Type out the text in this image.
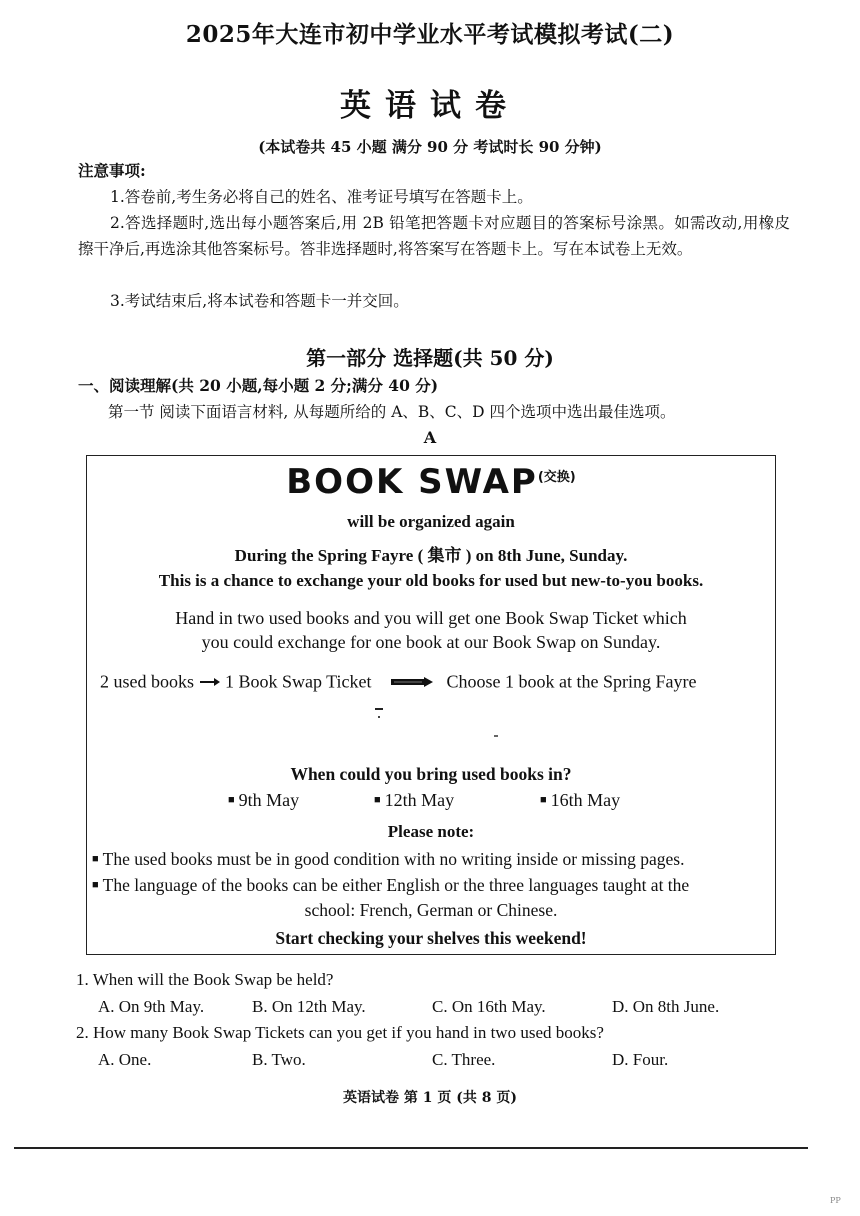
2025年大连市初中学业水平考试模拟考试(二)
英语试卷
(本试卷共 45 小题 满分 90 分 考试时长 90 分钟)
注意事项:
1.答卷前,考生务必将自己的姓名、准考证号填写在答题卡上。
2.答选择题时,选出每小题答案后,用 2B 铅笔把答题卡对应题目的答案标号涂黑。如需改动,用橡皮擦干净后,再选涂其他答案标号。答非选择题时,将答案写在答题卡上。写在本试卷上无效。
3.考试结束后,将本试卷和答题卡一并交回。
第一部分 选择题(共 50 分)
一、阅读理解(共 20 小题,每小题 2 分;满分 40 分)
第一节 阅读下面语言材料, 从每题所给的 A、B、C、D 四个选项中选出最佳选项。
A
BOOK $SWAP^{(交换)}$
will be organized again
During the Spring Fayre ( 集市 ) on 8th June, Sunday.
This is a chance to exchange your old books for used but new-to-you books.
Hand in two used books and you will get one Book Swap Ticket which
you could exchange for one book at our Book Swap on Sunday.
2 used books 1 Book Swap Ticket	Choose 1 book at the Spring Fayre
When could you bring used books in?
■ 9th May	■ 12th May	■ 16th May
Please note:
■ The used books must be in good condition with no writing inside or missing pages.
■ The language of the books can be either English or the three languages taught at the
school: French, German or Chinese.
Start checking your shelves this weekend!
1. When will the Book Swap be held?
A. On 9th May.	B. On 12th May.	C. On 16th May.	D. On 8th June.
2. How many Book Swap Tickets can you get if you hand in two used books?
A. One.	B. Two.	C. Three.	D. Four.
英语试卷 第 1 页 (共 8 页)
PP
